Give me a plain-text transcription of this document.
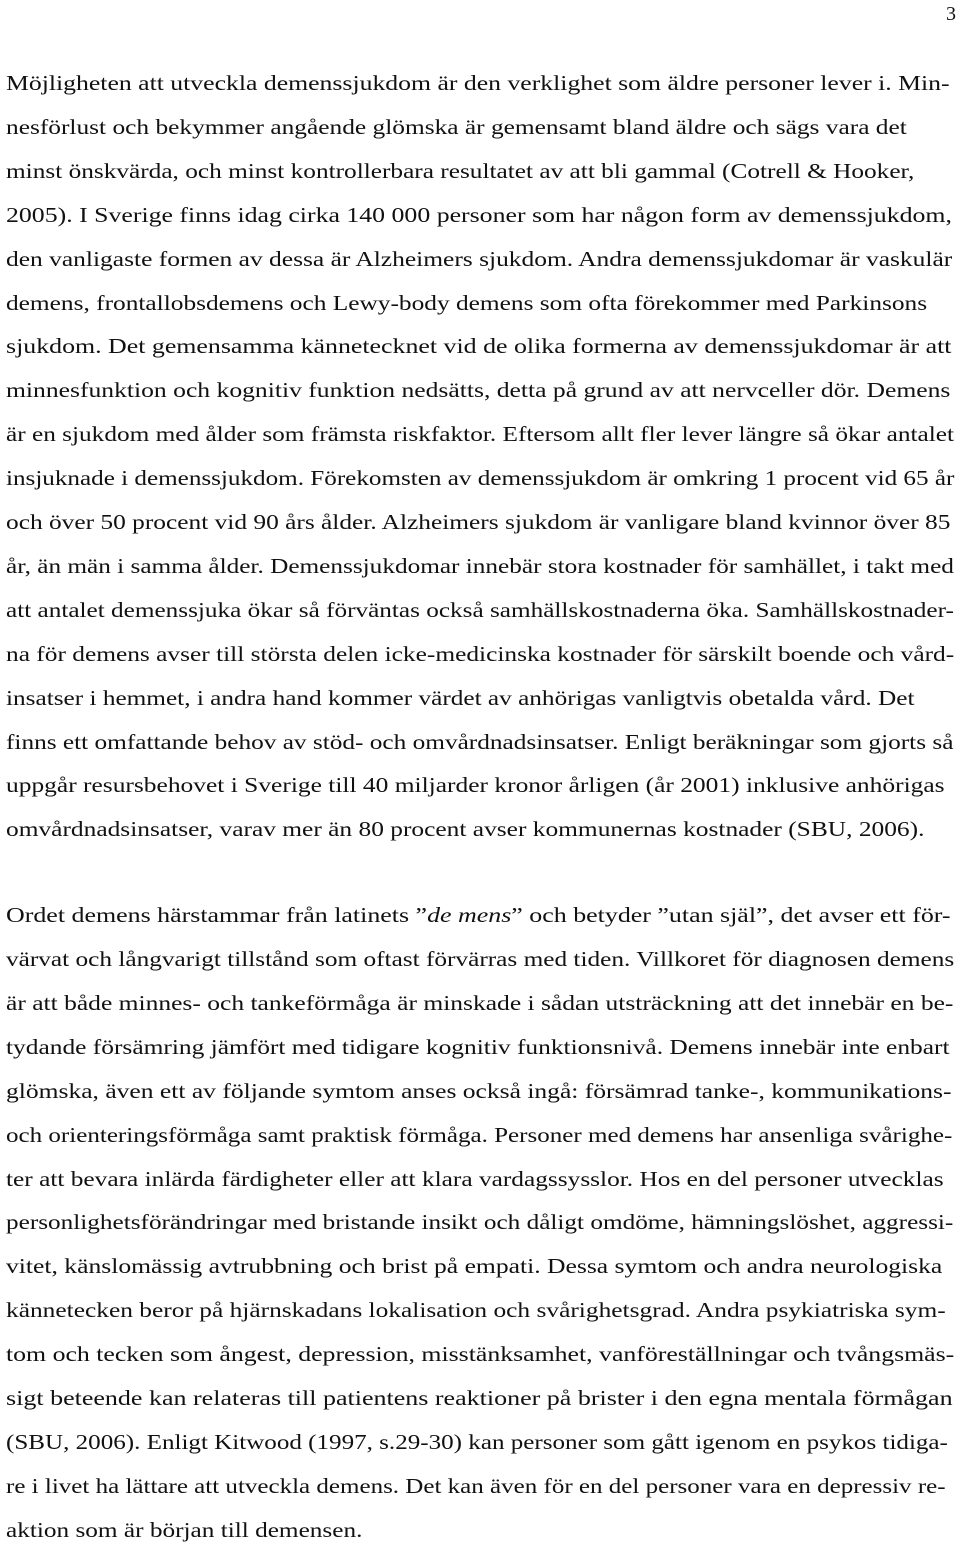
3
Möjligheten att utveckla demenssjukdom är den verklighet som äldre personer lever i. Min-
nesförlust och bekymmer angående glömska är gemensamt bland äldre och sägs vara det
minst önskvärda, och minst kontrollerbara resultatet av att bli gammal (Cotrell & Hooker,
2005). I Sverige finns idag cirka 140 000 personer som har någon form av demenssjukdom,
den vanligaste formen av dessa är Alzheimers sjukdom. Andra demenssjukdomar är vaskulär
demens, frontallobsdemens och Lewy-body demens som ofta förekommer med Parkinsons
sjukdom. Det gemensamma kännetecknet vid de olika formerna av demenssjukdomar är att
minnesfunktion och kognitiv funktion nedsätts, detta på grund av att nervceller dör. Demens
är en sjukdom med ålder som främsta riskfaktor. Eftersom allt fler lever längre så ökar antalet
insjuknade i demenssjukdom. Förekomsten av demenssjukdom är omkring 1 procent vid 65 år
och över 50 procent vid 90 års ålder. Alzheimers sjukdom är vanligare bland kvinnor över 85
år, än män i samma ålder. Demenssjukdomar innebär stora kostnader för samhället, i takt med
att antalet demenssjuka ökar så förväntas också samhällskostnaderna öka. Samhällskostnader-
na för demens avser till största delen icke-medicinska kostnader för särskilt boende och vård-
insatser i hemmet, i andra hand kommer värdet av anhörigas vanligtvis obetalda vård. Det
finns ett omfattande behov av stöd- och omvårdnadsinsatser. Enligt beräkningar som gjorts så
uppgår resursbehovet i Sverige till 40 miljarder kronor årligen (år 2001) inklusive anhörigas
omvårdnadsinsatser, varav mer än 80 procent avser kommunernas kostnader (SBU, 2006).
Ordet demens härstammar från latinets ”de mens” och betyder ”utan själ”, det avser ett för-
värvat och långvarigt tillstånd som oftast förvärras med tiden. Villkoret för diagnosen demens
är att både minnes- och tankeförmåga är minskade i sådan utsträckning att det innebär en be-
tydande försämring jämfört med tidigare kognitiv funktionsnivå. Demens innebär inte enbart
glömska, även ett av följande symtom anses också ingå: försämrad tanke-, kommunikations-
och orienteringsförmåga samt praktisk förmåga. Personer med demens har ansenliga svårighe-
ter att bevara inlärda färdigheter eller att klara vardagssysslor. Hos en del personer utvecklas
personlighetsförändringar med bristande insikt och dåligt omdöme, hämningslöshet, aggressi-
vitet, känslomässig avtrubbning och brist på empati. Dessa symtom och andra neurologiska
kännetecken beror på hjärnskadans lokalisation och svårighetsgrad. Andra psykiatriska sym-
tom och tecken som ångest, depression, misstänksamhet, vanföreställningar och tvångsmäs-
sigt beteende kan relateras till patientens reaktioner på brister i den egna mentala förmågan
(SBU, 2006). Enligt Kitwood (1997, s.29-30) kan personer som gått igenom en psykos tidiga-
re i livet ha lättare att utveckla demens. Det kan även för en del personer vara en depressiv re-
aktion som är början till demensen.
